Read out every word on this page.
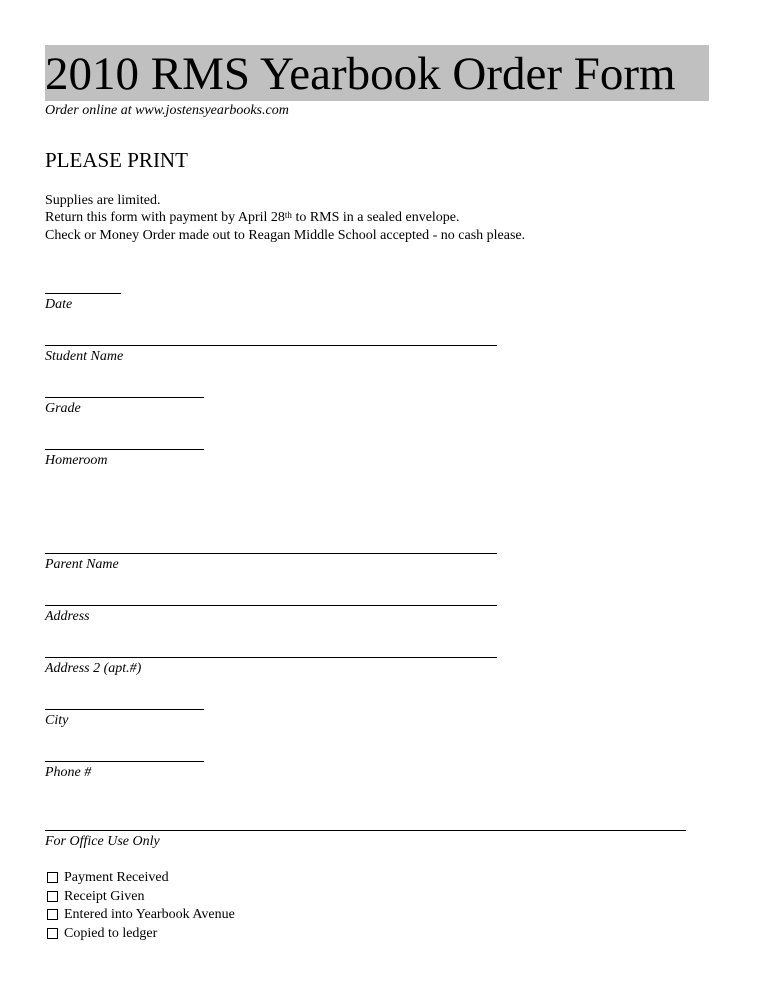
2010 RMS Yearbook Order Form
Order online at www.jostensyearbooks.com
PLEASE PRINT
Supplies are limited.
Return this form with payment by April 28th to RMS in a sealed envelope.
Check or Money Order made out to Reagan Middle School accepted - no cash please.
Date
Student Name
Grade
Homeroom
Parent Name
Address
Address 2 (apt.#)
City
Phone #
For Office Use Only
Payment Received
Receipt Given
Entered into Yearbook Avenue
Copied to ledger
